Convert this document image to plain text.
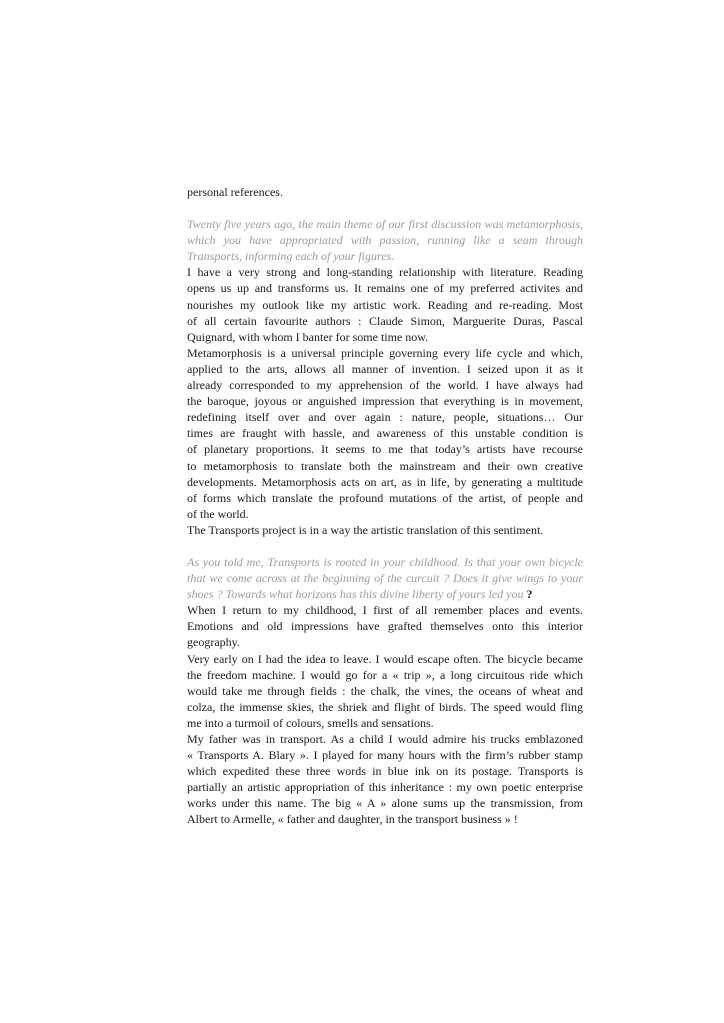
personal references.

Twenty five years ago, the main theme of our first discussion was metamorphosis,
which you have appropriated with passion, running like a seam through
Transports, informing each of your figures.

I have a very strong and long-standing relationship with literature. Reading
opens us up and transforms us. It remains one of my preferred activites and
nourishes my outlook like my artistic work. Reading and re-reading. Most
of all certain favourite authors : Claude Simon, Marguerite Duras, Pascal
Quignard, with whom I banter for some time now.

Metamorphosis is a universal principle governing every life cycle and which,
applied to the arts, allows all manner of invention. I seized upon it as it
already corresponded to my apprehension of the world. I have always had
the baroque, joyous or anguished impression that everything is in movement,
redefining itself over and over again : nature, people, situations… Our
times are fraught with hassle, and awareness of this unstable condition is
of planetary proportions. It seems to me that today’s artists have recourse
to metamorphosis to translate both the mainstream and their own creative
developments. Metamorphosis acts on art, as in life, by generating a multitude
of forms which translate the profound mutations of the artist, of people and
of the world.

The Transports project is in a way the artistic translation of this sentiment.

As you told me, Transports is rooted in your childhood. Is that your own bicycle
that we come across at the beginning of the curcuit ? Does it give wings to your
shoes ? Towards what horizons has this divine liberty of yours led you ?

When I return to my childhood, I first of all remember places and events.
Emotions and old impressions have grafted themselves onto this interior
geography.

Very early on I had the idea to leave. I would escape often. The bicycle became
the freedom machine. I would go for a « trip », a long circuitous ride which
would take me through fields : the chalk, the vines, the oceans of wheat and
colza, the immense skies, the shriek and flight of birds. The speed would fling
me into a turmoil of colours, smells and sensations.

My father was in transport. As a child I would admire his trucks emblazoned
« Transports A. Blary ». I played for many hours with the firm’s rubber stamp
which expedited these three words in blue ink on its postage. Transports is
partially an artistic appropriation of this inheritance : my own poetic enterprise
works under this name. The big « A » alone sums up the transmission, from
Albert to Armelle, « father and daughter, in the transport business » !
